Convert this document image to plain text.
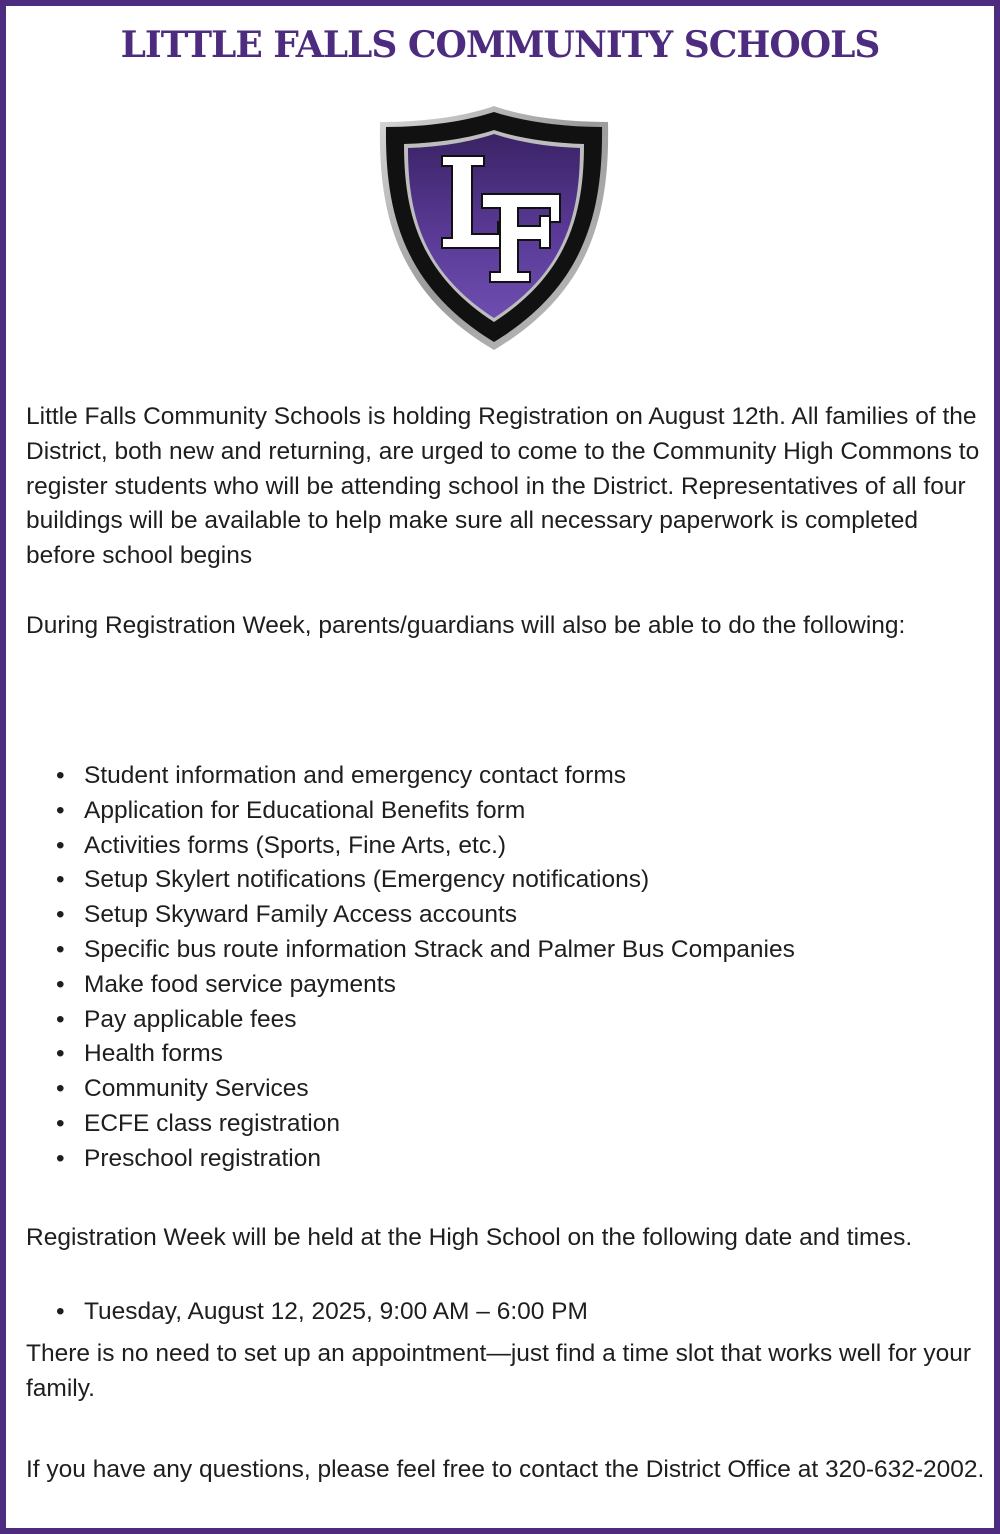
LITTLE FALLS COMMUNITY SCHOOLS

Little Falls Community Schools is holding Registration on August 12th. All families of the District, both new and returning, are urged to come to the Community High Commons to register students who will be attending school in the District. Representatives of all four buildings will be available to help make sure all necessary paperwork is completed before school begins

During Registration Week, parents/guardians will also be able to do the following:

• Student information and emergency contact forms
• Application for Educational Benefits form
• Activities forms (Sports, Fine Arts, etc.)
• Setup Skylert notifications (Emergency notifications)
• Setup Skyward Family Access accounts
• Specific bus route information Strack and Palmer Bus Companies
• Make food service payments
• Pay applicable fees
• Health forms
• Community Services
• ECFE class registration
• Preschool registration

Registration Week will be held at the High School on the following date and times.

• Tuesday, August 12, 2025, 9:00 AM – 6:00 PM

There is no need to set up an appointment—just find a time slot that works well for your family.

If you have any questions, please feel free to contact the District Office at 320-632-2002.
